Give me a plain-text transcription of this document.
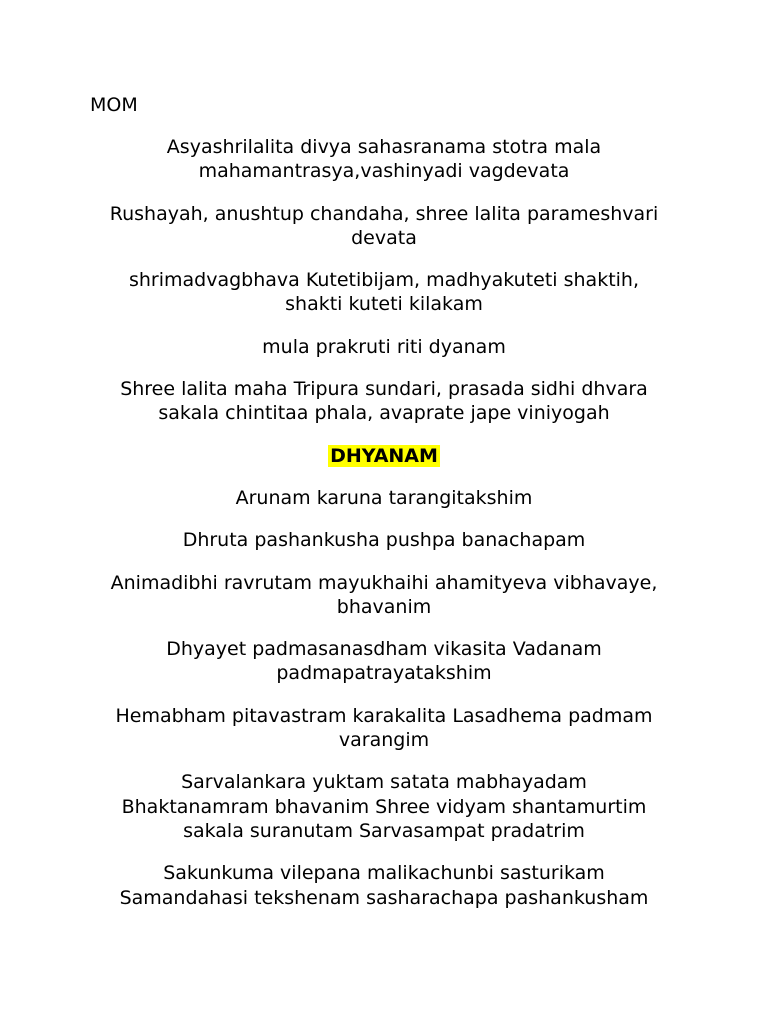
MOM

Asyashrilalita divya sahasranama stotra mala
mahamantrasya,vashinyadi vagdevata

Rushayah, anushtup chandaha, shree lalita parameshvari
devata

shrimadvagbhava Kutetibijam, madhyakuteti shaktih,
shakti kuteti kilakam

mula prakruti riti dyanam

Shree lalita maha Tripura sundari, prasada sidhi dhvara
sakala chintitaa phala, avaprate jape viniyogah

DHYANAM

Arunam karuna tarangitakshim

Dhruta pashankusha pushpa banachapam

Animadibhi ravrutam mayukhaihi ahamityeva vibhavaye,
bhavanim

Dhyayet padmasanasdham vikasita Vadanam
padmapatrayatakshim

Hemabham pitavastram karakalita Lasadhema padmam
varangim

Sarvalankara yuktam satata mabhayadam
Bhaktanamram bhavanim Shree vidyam shantamurtim
sakala suranutam Sarvasampat pradatrim

Sakunkuma vilepana malikachunbi sasturikam
Samandahasi tekshenam sasharachapa pashankusham
